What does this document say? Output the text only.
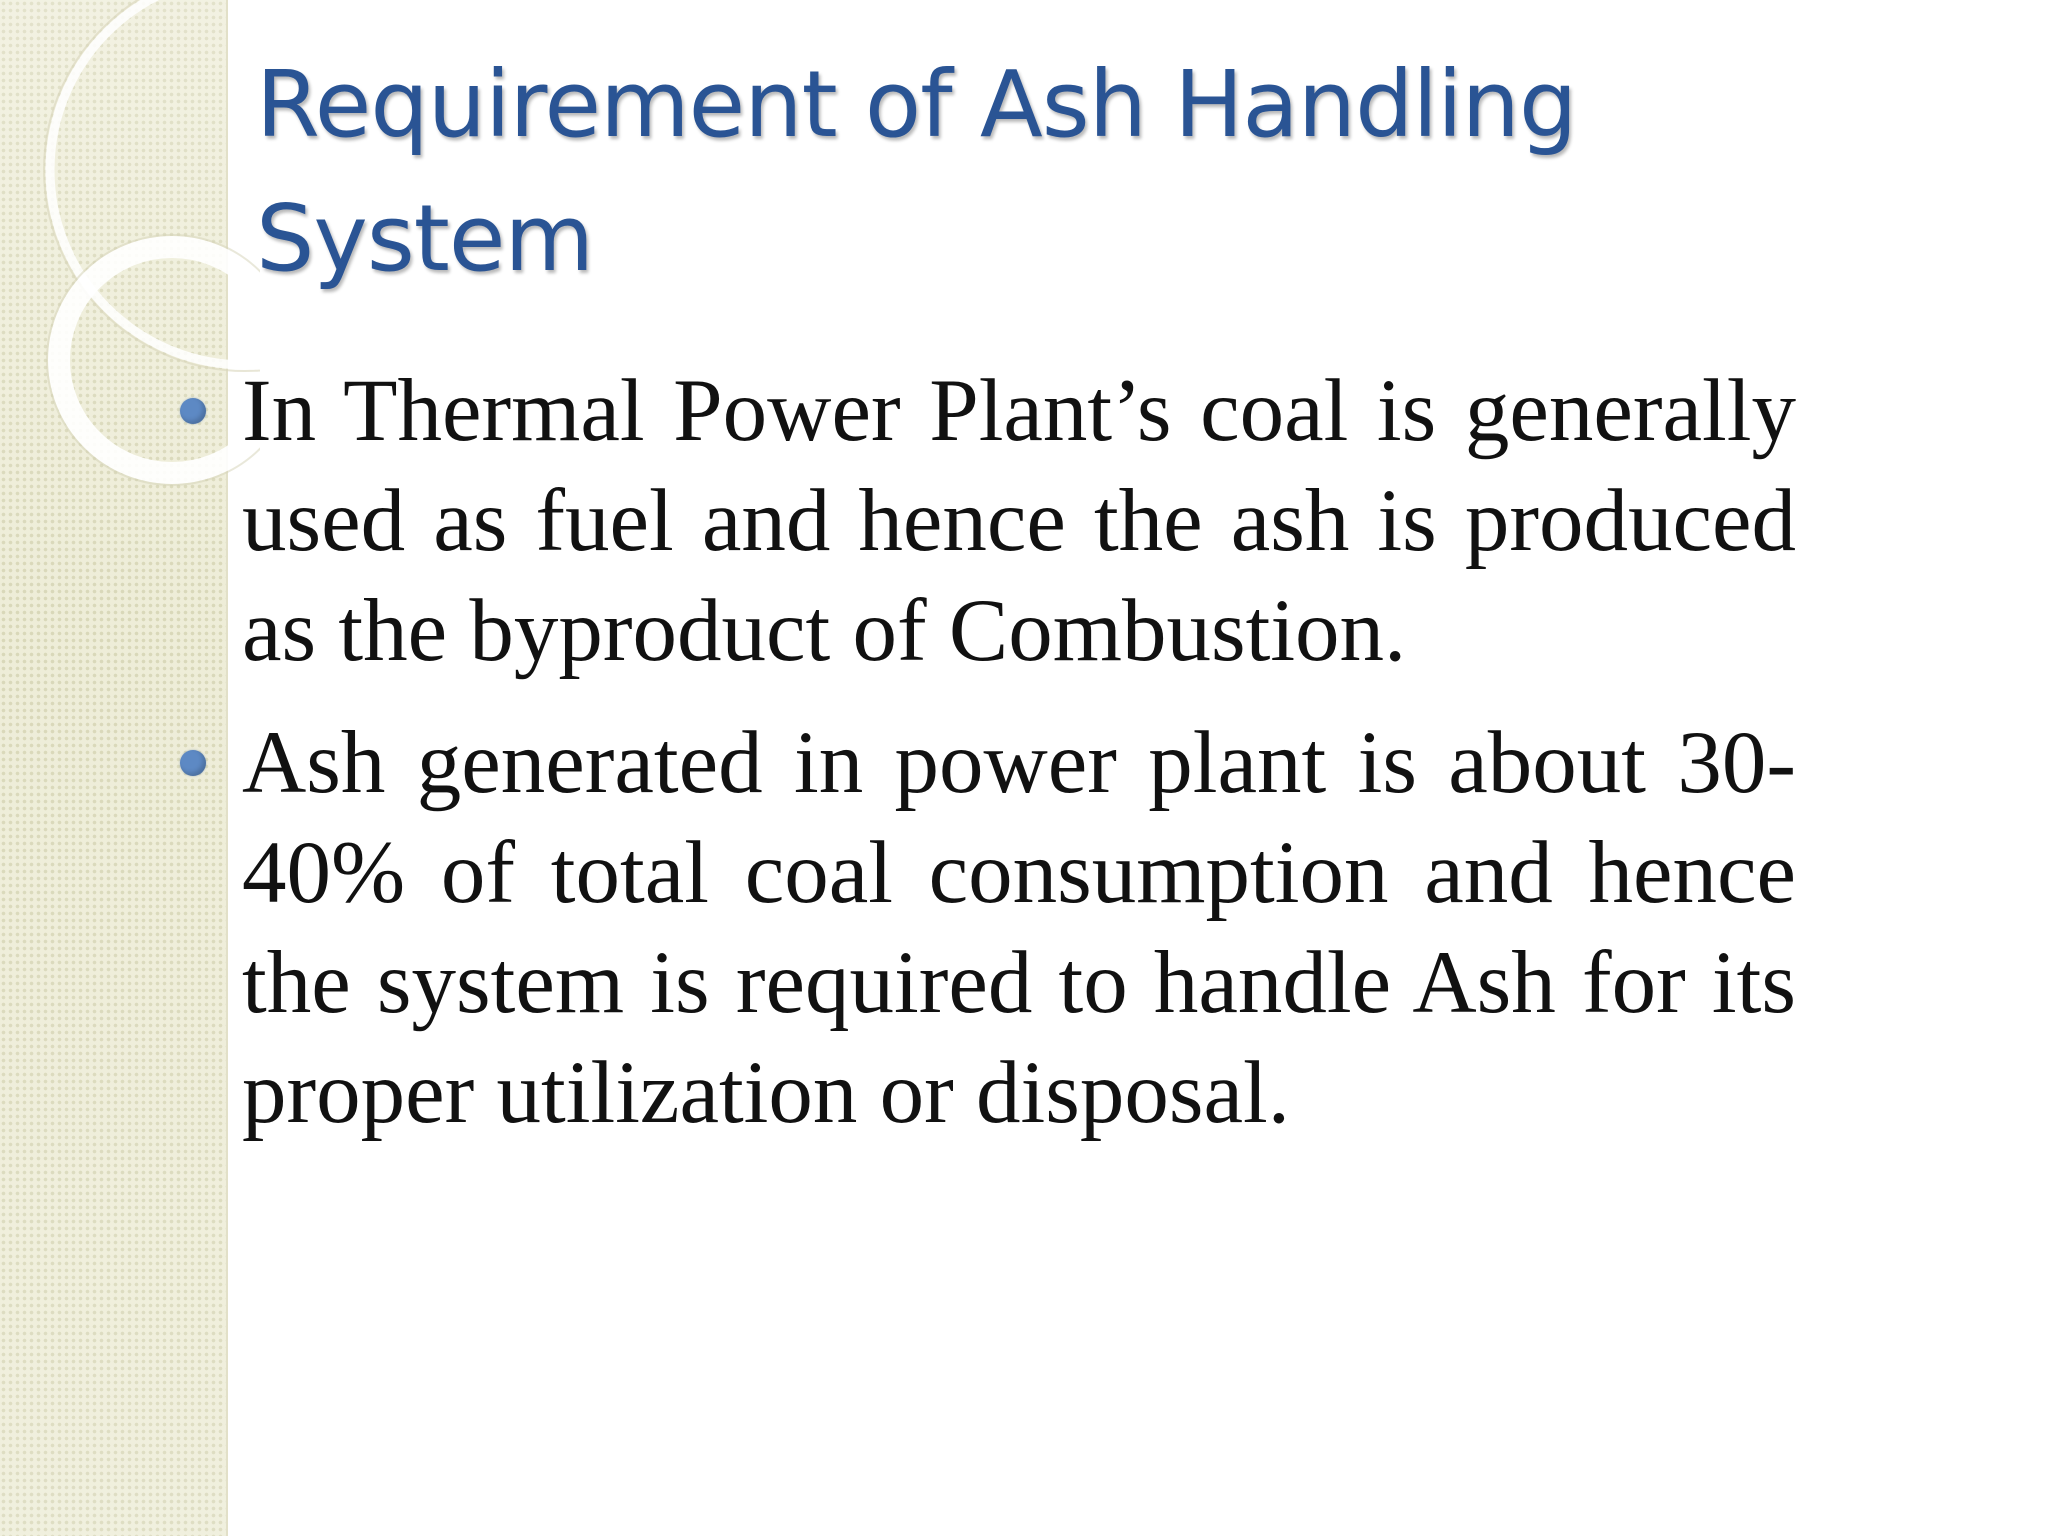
Requirement of Ash Handling System
In Thermal Power Plant’s coal is generally used as fuel and hence the ash is produced as the byproduct of Combustion.
Ash generated in power plant is about 30-40% of total coal consumption and hence the system is required to handle Ash for its proper utilization or disposal.
